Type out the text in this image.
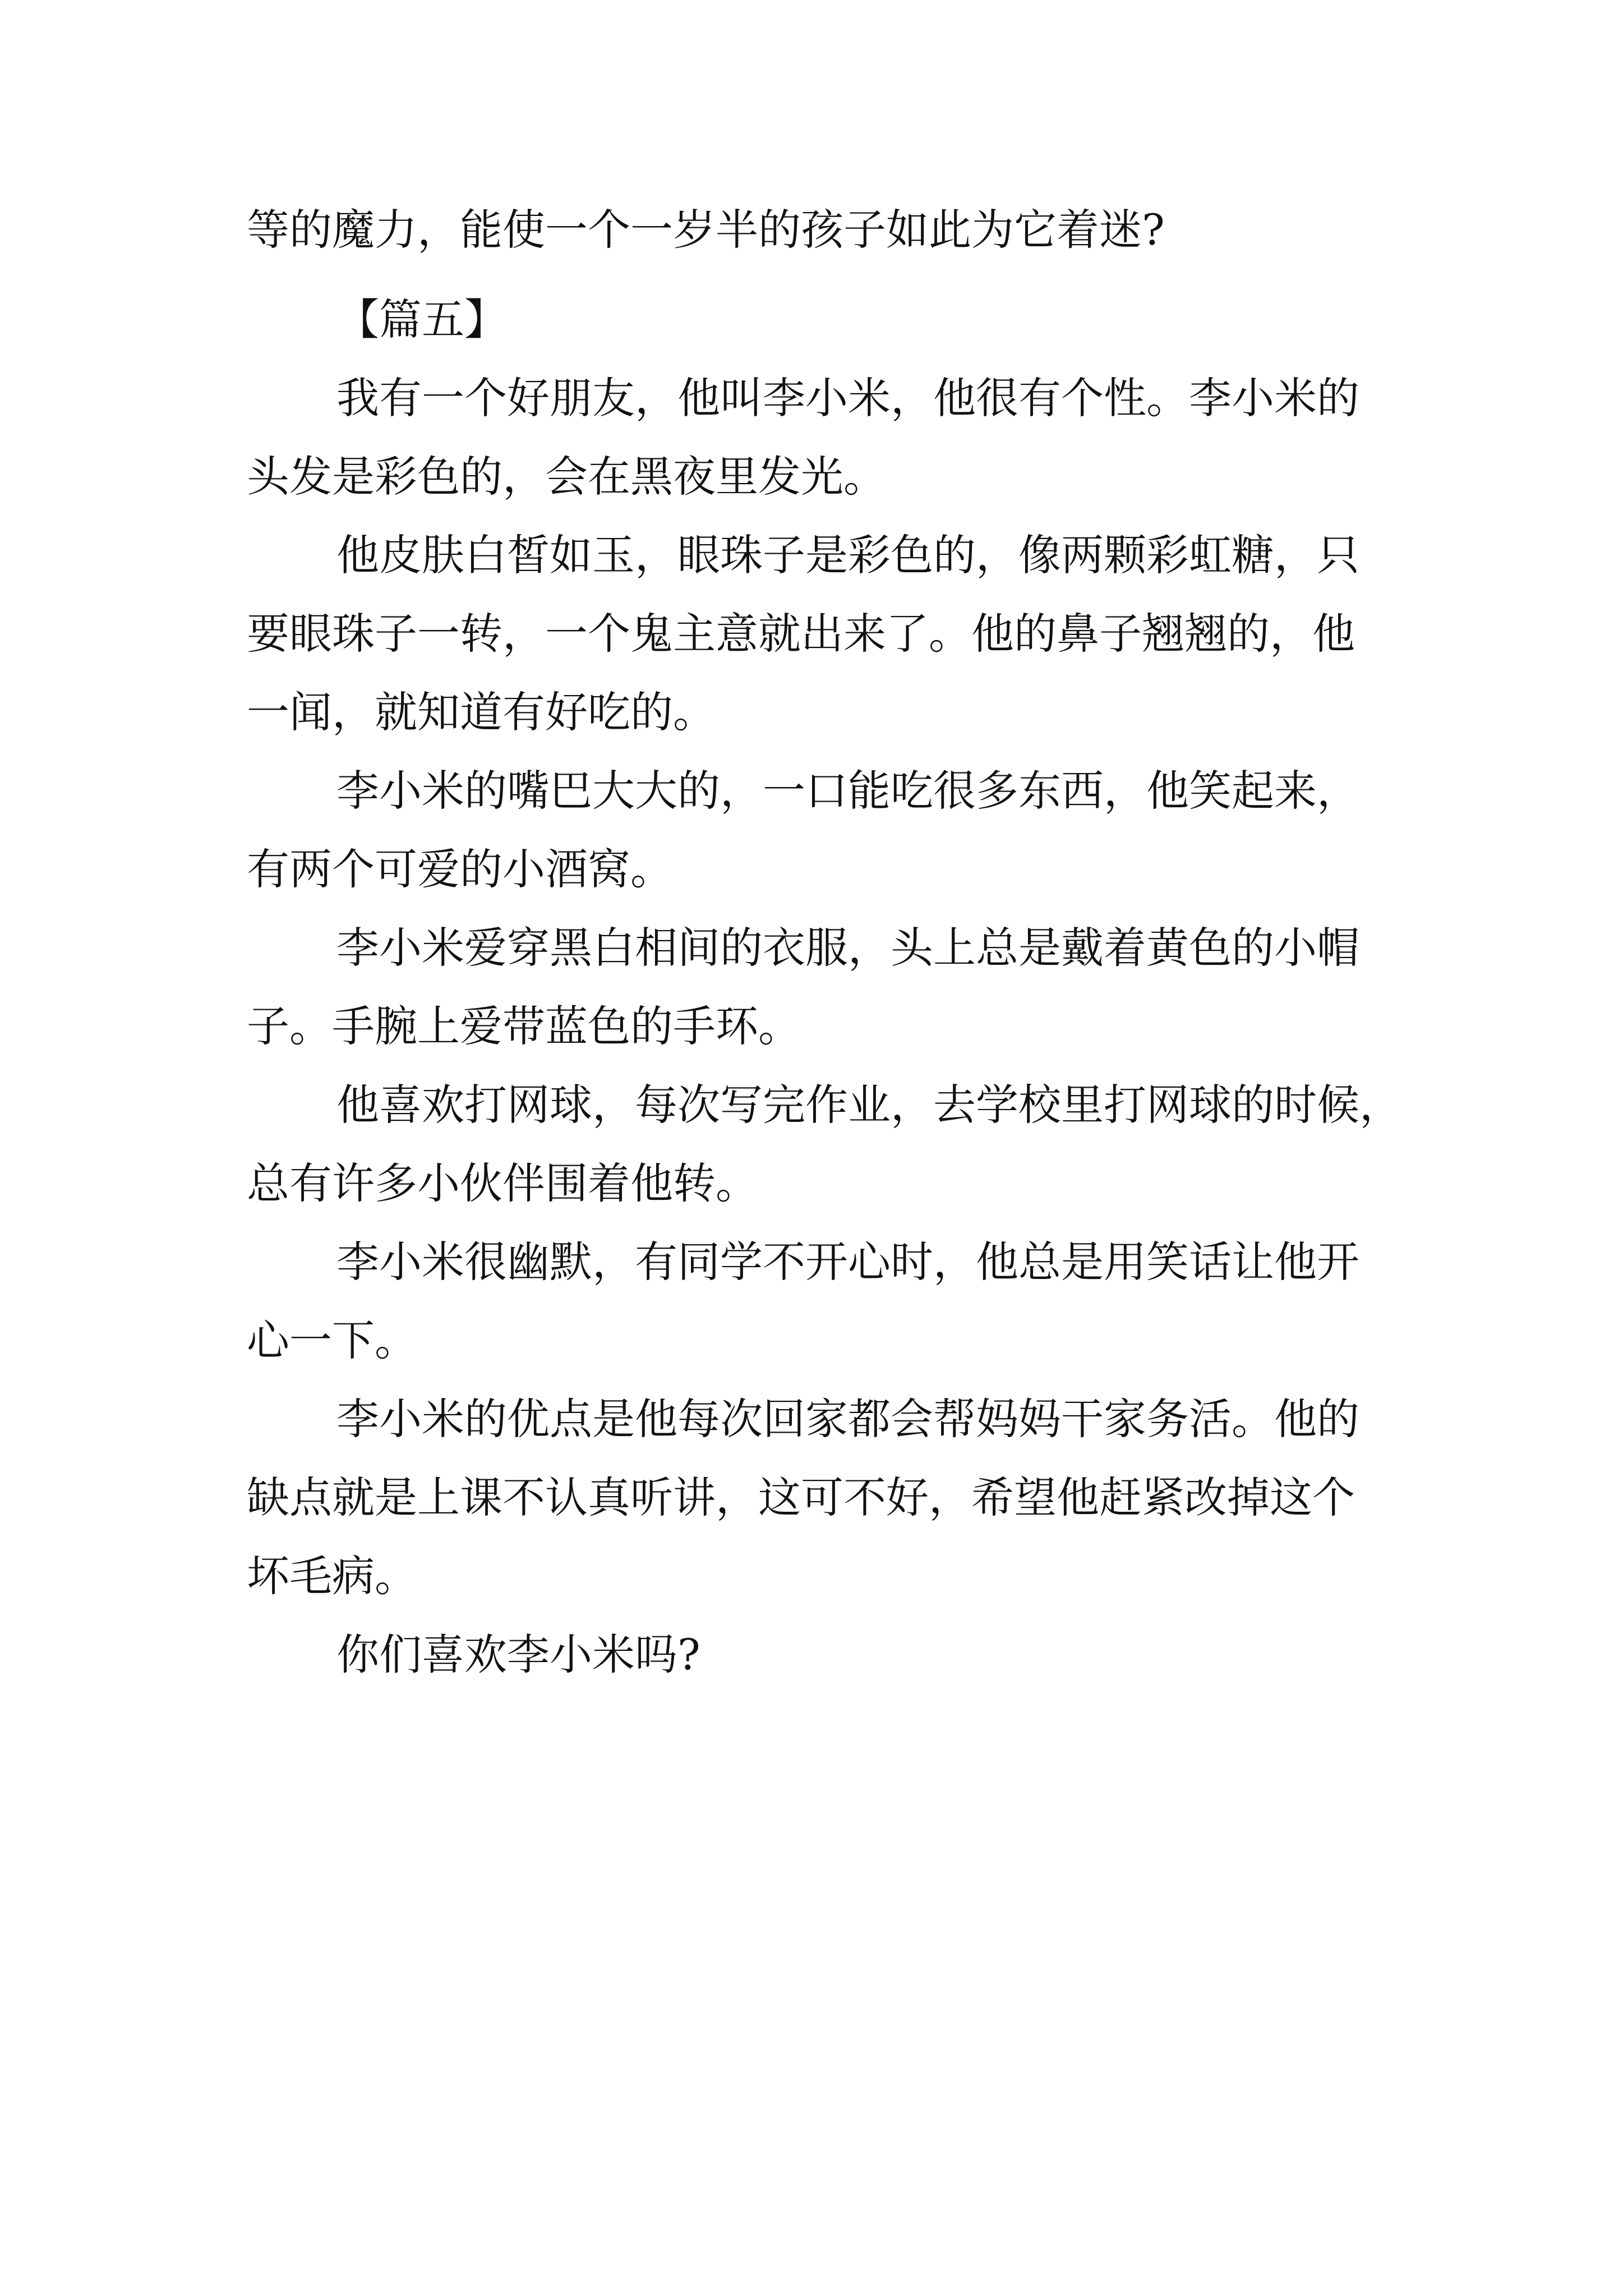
等的魔力，能使一个一岁半的孩子如此为它着迷?

【篇五】

我有一个好朋友，他叫李小米，他很有个性。李小米的

头发是彩色的，会在黑夜里发光。

他皮肤白皙如玉，眼珠子是彩色的，像两颗彩虹糖，只

要眼珠子一转，一个鬼主意就出来了。他的鼻子翘翘的，他

一闻，就知道有好吃的。

李小米的嘴巴大大的，一口能吃很多东西，他笑起来，

有两个可爱的小酒窝。

李小米爱穿黑白相间的衣服，头上总是戴着黄色的小帽

子。手腕上爱带蓝色的手环。

他喜欢打网球，每次写完作业，去学校里打网球的时候，

总有许多小伙伴围着他转。

李小米很幽默，有同学不开心时，他总是用笑话让他开

心一下。

李小米的优点是他每次回家都会帮妈妈干家务活。他的

缺点就是上课不认真听讲，这可不好，希望他赶紧改掉这个

坏毛病。

你们喜欢李小米吗?
